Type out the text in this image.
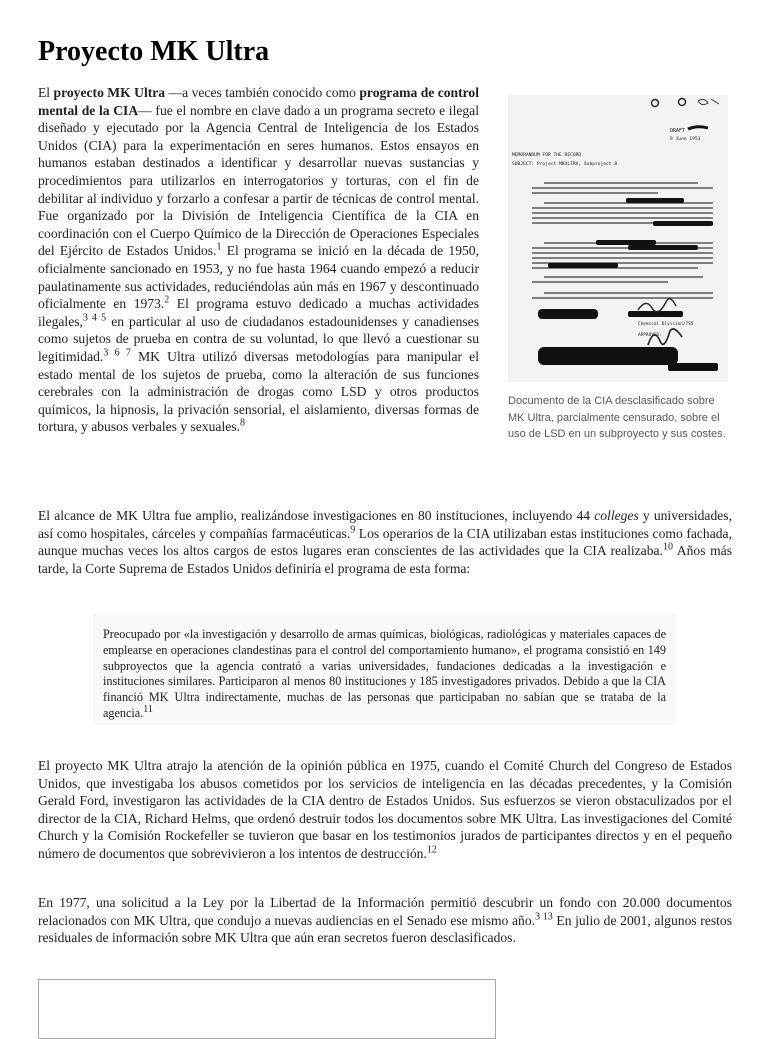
Proyecto MK Ultra

El proyecto MK Ultra —a veces también conocido como programa de control mental de la CIA— fue el nombre en clave dado a un programa secreto e ilegal diseñado y ejecutado por la Agencia Central de Inteligencia de los Estados Unidos (CIA) para la experimentación en seres humanos. Estos ensayos en humanos estaban destinados a identificar y desarrollar nuevas sustancias y procedimientos para utilizarlos en interrogatorios y torturas, con el fin de debilitar al individuo y forzarlo a confesar a partir de técnicas de control mental. Fue organizado por la División de Inteligencia Científica de la CIA en coordinación con el Cuerpo Químico de la Dirección de Operaciones Especiales del Ejército de Estados Unidos.$^1$ El programa se inició en la década de 1950, oficialmente sancionado en 1953, y no fue hasta 1964 cuando empezó a reducir paulatinamente sus actividades, reduciéndolas aún más en 1967 y descontinuado oficialmente en 1973.$^2$ El programa estuvo dedicado a muchas actividades ilegales,$^{3 4 5}$ en particular al uso de ciudadanos estadounidenses y canadienses como sujetos de prueba en contra de su voluntad, lo que llevó a cuestionar su legitimidad.$^{3 6 7}$ MK Ultra utilizó diversas metodologías para manipular el estado mental de los sujetos de prueba, como la alteración de sus funciones cerebrales con la administración de drogas como LSD y otros productos químicos, la hipnosis, la privación sensorial, el aislamiento, diversas formas de tortura, y abusos verbales y sexuales.$^8$

DRAFT
9 June 1953
MEMORANDUM FOR THE RECORD
SUBJECT: Project MKULTRA, Subproject 8
Chemical Division/TSS
APPROVED:
Documento de la CIA desclasificado sobre MK Ultra, parcialmente censurado, sobre el uso de LSD en un subproyecto y sus costes.

El alcance de MK Ultra fue amplio, realizándose investigaciones en 80 instituciones, incluyendo 44 colleges y universidades, así como hospitales, cárceles y compañías farmacéuticas.$^9$ Los operarios de la CIA utilizaban estas instituciones como fachada, aunque muchas veces los altos cargos de estos lugares eran conscientes de las actividades que la CIA realizaba.$^{10}$ Años más tarde, la Corte Suprema de Estados Unidos definiría el programa de esta forma:

Preocupado por «la investigación y desarrollo de armas químicas, biológicas, radiológicas y materiales capaces de emplearse en operaciones clandestinas para el control del comportamiento humano», el programa consistió en 149 subproyectos que la agencia contrató a varias universidades, fundaciones dedicadas a la investigación e instituciones similares. Participaron al menos 80 instituciones y 185 investigadores privados. Debido a que la CIA financió MK Ultra indirectamente, muchas de las personas que participaban no sabían que se trataba de la agencia.$^{11}$

El proyecto MK Ultra atrajo la atención de la opinión pública en 1975, cuando el Comité Church del Congreso de Estados Unidos, que investigaba los abusos cometidos por los servicios de inteligencia en las décadas precedentes, y la Comisión Gerald Ford, investigaron las actividades de la CIA dentro de Estados Unidos. Sus esfuerzos se vieron obstaculizados por el director de la CIA, Richard Helms, que ordenó destruir todos los documentos sobre MK Ultra. Las investigaciones del Comité Church y la Comisión Rockefeller se tuvieron que basar en los testimonios jurados de participantes directos y en el pequeño número de documentos que sobrevivieron a los intentos de destrucción.$^{12}$

En 1977, una solicitud a la Ley por la Libertad de la Información permitió descubrir un fondo con 20.000 documentos relacionados con MK Ultra, que condujo a nuevas audiencias en el Senado ese mismo año.$^{3 13}$ En julio de 2001, algunos restos residuales de información sobre MK Ultra que aún eran secretos fueron desclasificados.
